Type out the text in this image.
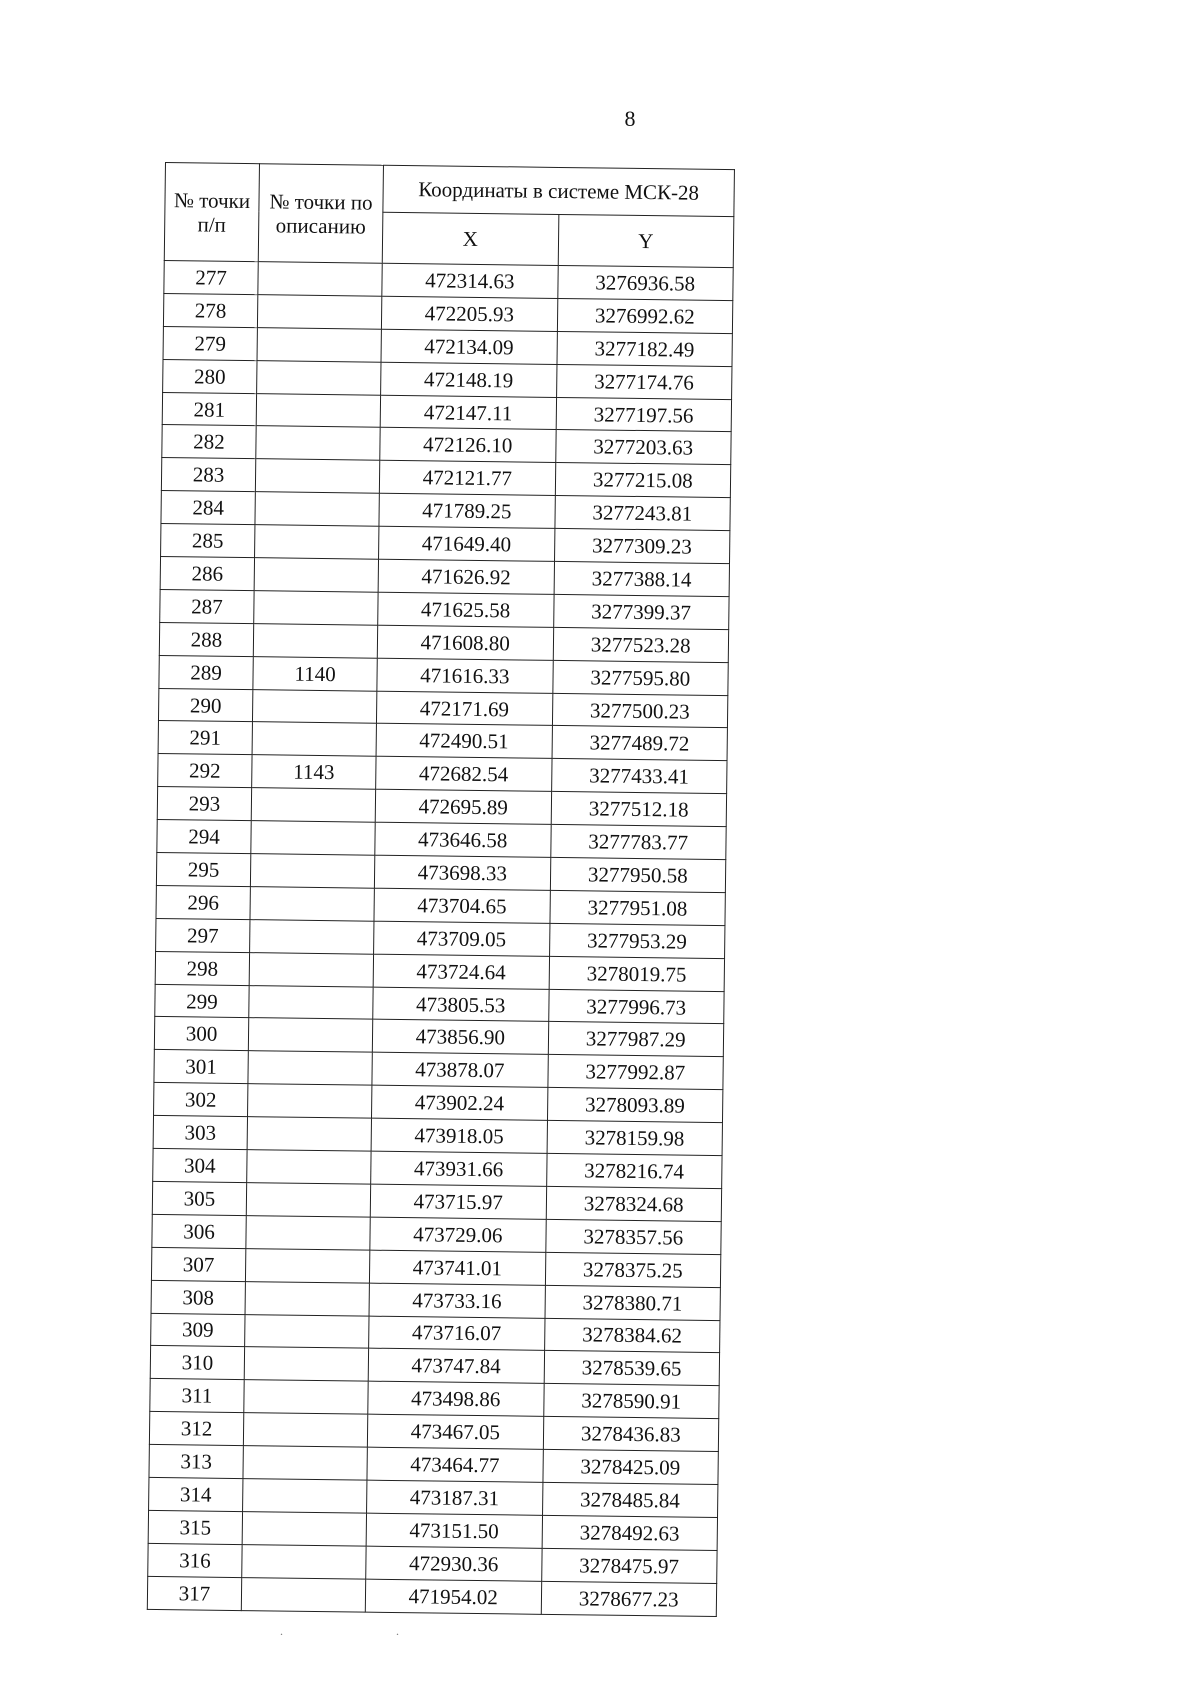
8
№ точки п/п	№ точки по описанию	Координаты в системе МСК-28	
		X	Y
277		472314.63	3276936.58
278		472205.93	3276992.62
279		472134.09	3277182.49
280		472148.19	3277174.76
281		472147.11	3277197.56
282		472126.10	3277203.63
283		472121.77	3277215.08
284		471789.25	3277243.81
285		471649.40	3277309.23
286		471626.92	3277388.14
287		471625.58	3277399.37
288		471608.80	3277523.28
289	1140	471616.33	3277595.80
290		472171.69	3277500.23
291		472490.51	3277489.72
292	1143	472682.54	3277433.41
293		472695.89	3277512.18
294		473646.58	3277783.77
295		473698.33	3277950.58
296		473704.65	3277951.08
297		473709.05	3277953.29
298		473724.64	3278019.75
299		473805.53	3277996.73
300		473856.90	3277987.29
301		473878.07	3277992.87
302		473902.24	3278093.89
303		473918.05	3278159.98
304		473931.66	3278216.74
305		473715.97	3278324.68
306		473729.06	3278357.56
307		473741.01	3278375.25
308		473733.16	3278380.71
309		473716.07	3278384.62
310		473747.84	3278539.65
311		473498.86	3278590.91
312		473467.05	3278436.83
313		473464.77	3278425.09
314		473187.31	3278485.84
315		473151.50	3278492.63
316		472930.36	3278475.97
317		471954.02	3278677.23
. .
